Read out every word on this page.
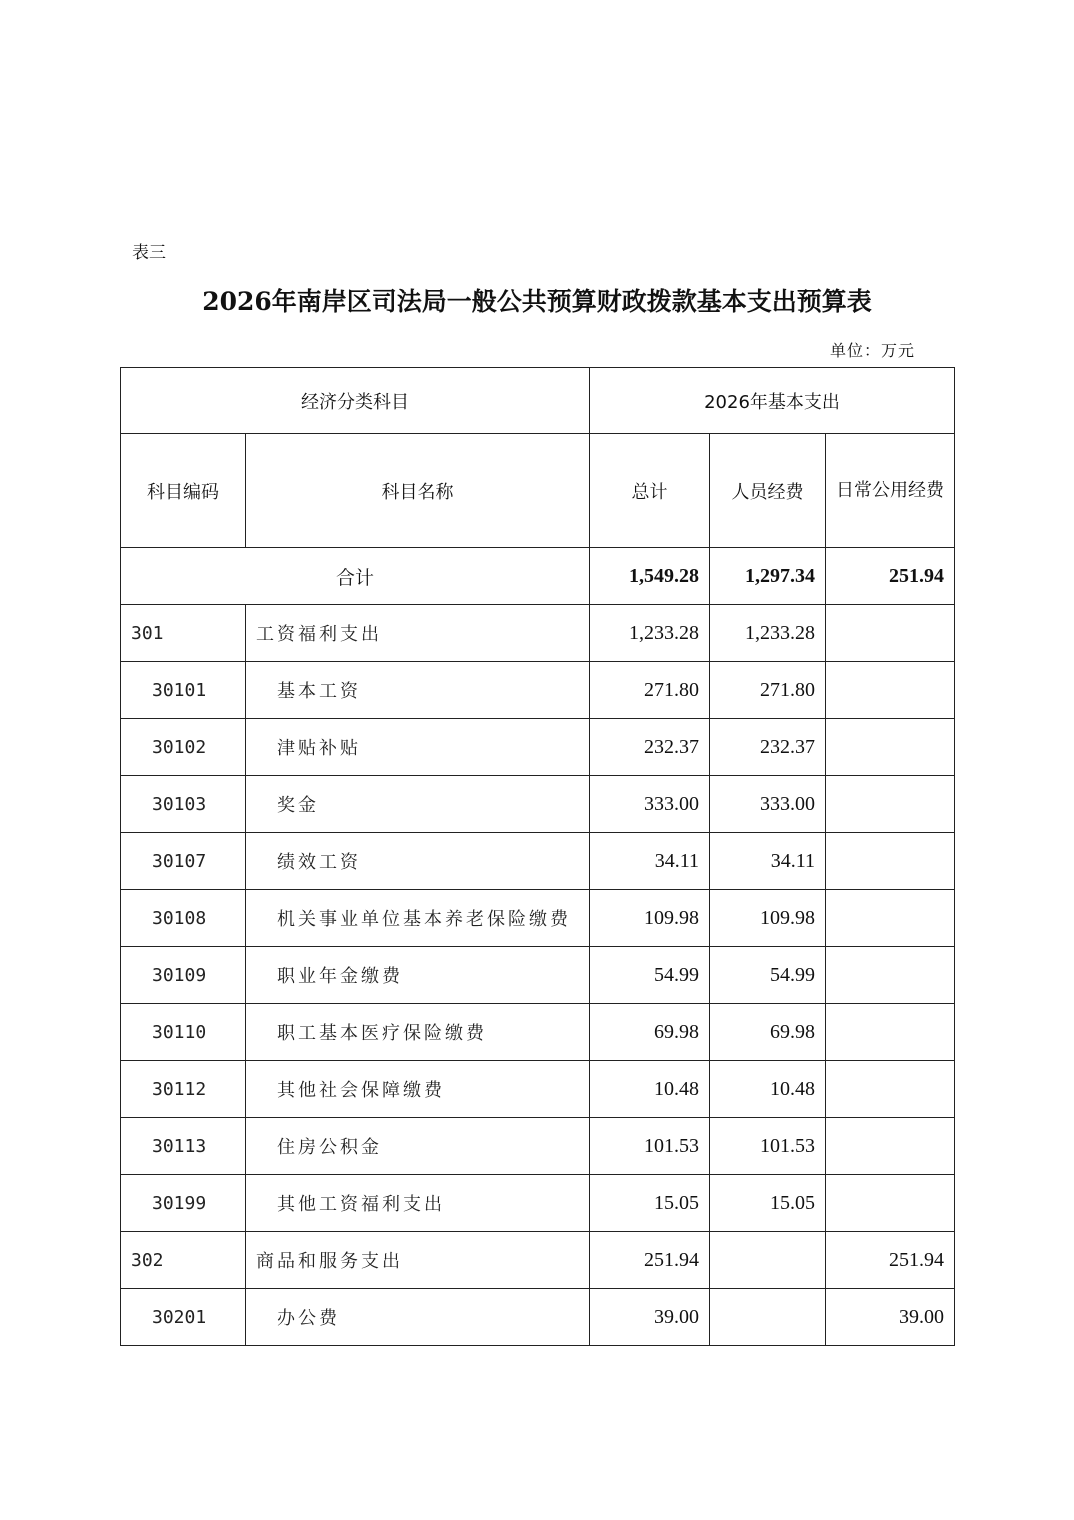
表三
2026年南岸区司法局一般公共预算财政拨款基本支出预算表
单位：万元
经济分类科目		2026年基本支出		
科目编码	科目名称	总计	人员经费	日常公用经费
合计		1,549.28	1,297.34	251.94
301	工资福利支出	1,233.28	1,233.28	
30101	基本工资	271.80	271.80	
30102	津贴补贴	232.37	232.37	
30103	奖金	333.00	333.00	
30107	绩效工资	34.11	34.11	
30108	机关事业单位基本养老保险缴费	109.98	109.98	
30109	职业年金缴费	54.99	54.99	
30110	职工基本医疗保险缴费	69.98	69.98	
30112	其他社会保障缴费	10.48	10.48	
30113	住房公积金	101.53	101.53	
30199	其他工资福利支出	15.05	15.05	
302	商品和服务支出	251.94		251.94
30201	办公费	39.00		39.00
